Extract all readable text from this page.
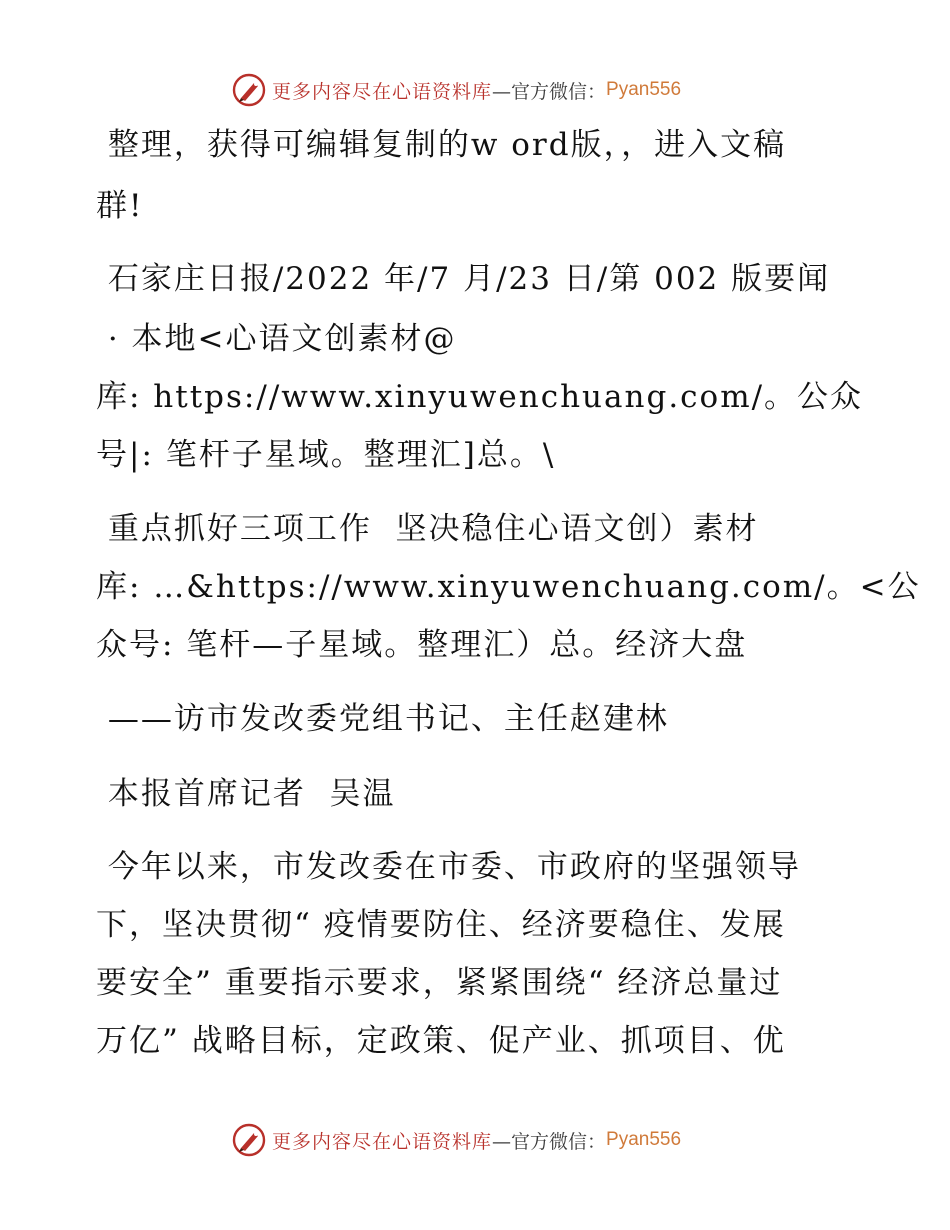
更多内容尽在心语资料库 —官方微信： Pyan556
整理，获得可编辑复制的w ord版，，进入文稿
群!
石家庄日报/2022 年/7 月/23 日/第 002 版要闻
· 本地<心语文创素材@
库: https://www.xinyuwenchuang.com/。公众
号|: 笔杆子星域。整理汇]总。\
重点抓好三项工作  坚决稳住心语文创）素材
库: …&https://www.xinyuwenchuang.com/。<公
众号: 笔杆—子星域。整理汇）总。经济大盘
——访市发改委党组书记、主任赵建林
本报首席记者  吴温
今年以来，市发改委在市委、市政府的坚强领导
下，坚决贯彻“ 疫情要防住、经济要稳住、发展
要安全” 重要指示要求，紧紧围绕“ 经济总量过
万亿” 战略目标，定政策、促产业、抓项目、优
更多内容尽在心语资料库 —官方微信： Pyan556
